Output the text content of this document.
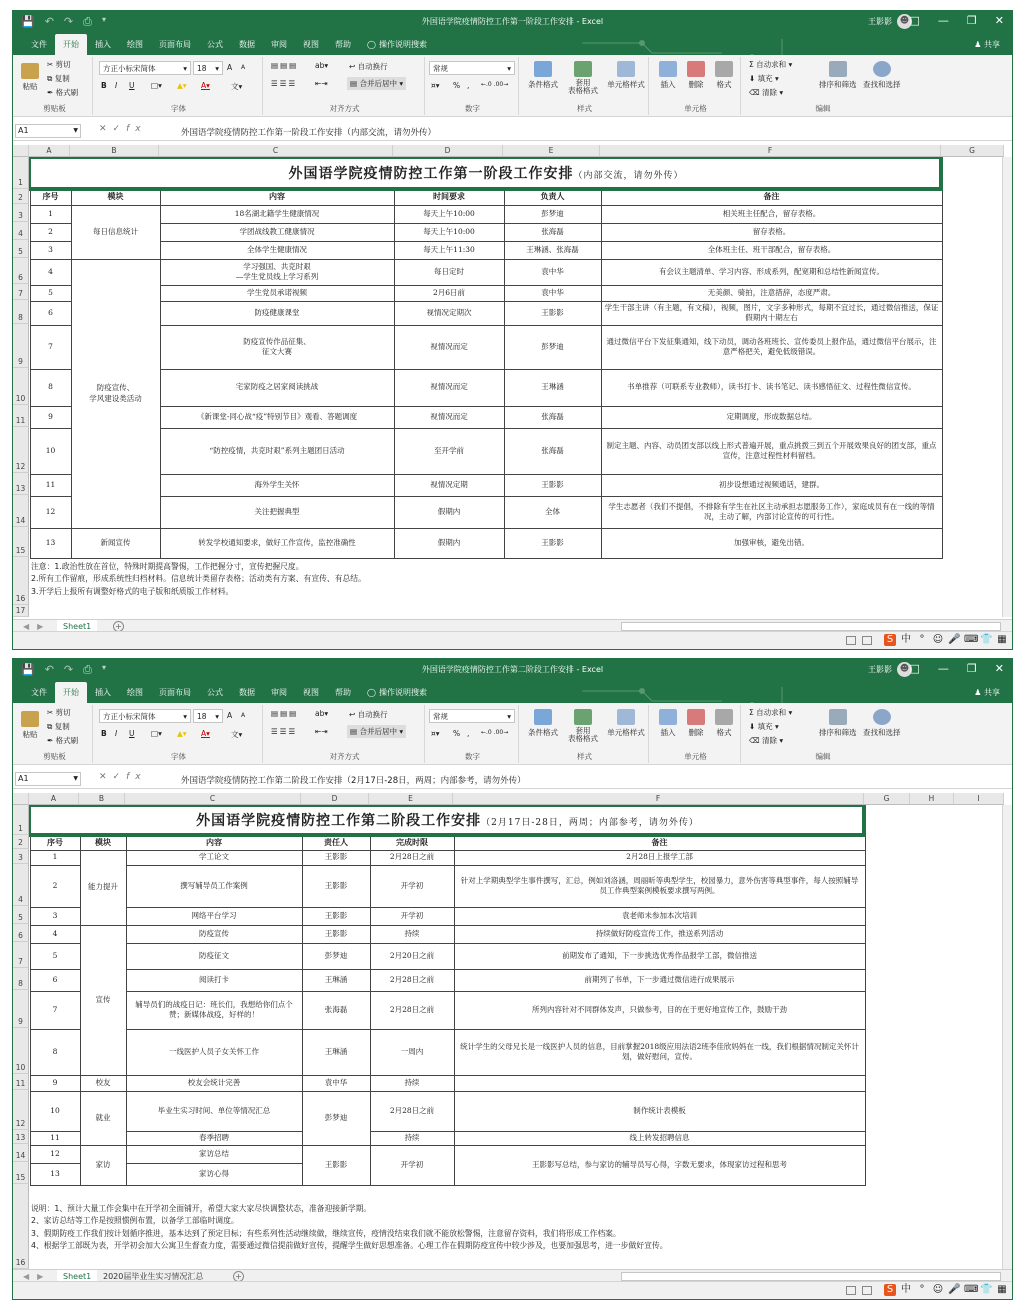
💾 ↶ ↷ ⎙ ▾	外国语学院疫情防控工作第一阶段工作安排 - Excel	王影影 ☻ □ — ❐ ✕
文件	开始	插入	绘图	页面布局	公式	数据	审阅	视图	帮助	◯ 操作说明搜索	♟ 共享
粘贴
✂ 剪切
⧉ 复制
✒ 格式刷
剪贴板
方正小标宋简体	▾	18 ▾ A A
B I U □▾ ▲▾ A▾	文▾
字体
▤▤▤ ab▾	↩ 自动换行
☰☰☰ ⇤⇥	▤ 合并后居中 ▾
对齐方式
常规	▾
¤▾ % , ←.0 .00→
数字
条件格式	套用
表格格式
单元格样式
样式
插入	删除	格式
单元格
Σ 自动求和 ▾
⬇ 填充 ▾
⌫ 清除 ▾
排序和筛选 查找和选择
编辑
A1	▼ ✕✓fx	外国语学院疫情防控工作第一阶段工作安排（内部交流，请勿外传）
A	B	C	D	E	F	G
1
2
3
4
5
6
7
8
9
10
11
12
13
14
15
16
17
外国语学院疫情防控工作第一阶段工作安排（内部交流，请勿外传）					
序号	模块	内容	时间要求	负责人	备注
1	每日信息统计	18名湖北籍学生健康情况	每天上午10:00	彭梦迪	相关班主任配合，留存表格。
2		学团战线教工健康情况	每天上午10:00	张海磊	留存表格。
3		全体学生健康情况	每天上午11:30	王琳涵、张海磊	全体班主任、班干部配合，留存表格。
4	防疫宣传、
学风建设类活动	学习强国、共克时艰
—学生党员线上学习系列	每日定时	袁中华	有会议主题清单、学习内容、形成系列，配宽期和总结性新闻宣传。
5		学生党员承诺视频	2月6日前	袁中华	无美颜、骑拍，注意措辞，态度严肃。
6		防疫健康课堂	视情况定期次	王影影	学生干部主讲（有主题，有文稿），视频，图片，文字多种形式，每期不宜过长，通过微信推送，保证假期内十期左右
7		防疫宣传作品征集、
征文大赛	视情况而定	彭梦迪	通过微信平台下发征集通知，线下动员，调动各班班长、宣传委员上报作品，通过微信平台展示，注意严格把关，避免低级错误。
8		宅家防疫之居家阅读挑战	视情况而定	王琳涵	书单推荐（可联系专业教师），读书打卡、读书笔记、读书感悟征文、过程性微信宣传。
9		《新课堂-同心战“疫”特别节目》观看、答题调度	视情况而定	张海磊	定期调度，形成数据总结。
10		“防控疫情，共克时艰”系列主题团日活动	至开学前	张海磊	制定主题、内容、动员团支部以线上形式普遍开展，重点挑拨三到五个开展效果良好的团支部，重点宣传，注意过程性材料留档。
11		海外学生关怀	视情况定期	王影影	初步设想通过视频通话，建群。
12		关注把握典型	假期内	全体	学生志愿者（我们不提倡，不排除有学生在社区主动承担志愿服务工作），家庭成员有在一线的等情况，主动了解，内部讨论宣传的可行性。
13	新闻宣传	转发学校通知要求，做好工作宣传，监控准确性	假期内	王影影	加强审核，避免出错。
注意：1.政治性放在首位，特殊时期提高警惕，工作把握分寸，宣传把握尺度。
2.所有工作留痕，形成系统性归档材料。信息统计类留存表格；活动类有方案、有宣传、有总结。
3.开学后上报所有调整好格式的电子版和纸质版工作材料。
◀▶	Sheet1	+
S 中 ° ☺ 🎤 ⌨ 👕 ▦
💾 ↶ ↷ ⎙ ▾	外国语学院疫情防控工作第二阶段工作安排 - Excel	王影影 ☻ □ — ❐ ✕
文件	开始	插入	绘图	页面布局	公式	数据	审阅	视图	帮助	◯ 操作说明搜索	♟ 共享
粘贴
✂ 剪切
⧉ 复制
✒ 格式刷
剪贴板
方正小标宋简体	▾	18 ▾ A A
B I U □▾ ▲▾ A▾	文▾
字体
▤▤▤ ab▾	↩ 自动换行
☰☰☰ ⇤⇥	▤ 合并后居中 ▾
对齐方式
常规	▾
¤▾ % , ←.0 .00→
数字
条件格式	套用
表格格式
单元格样式
样式
插入	删除	格式
单元格
Σ 自动求和 ▾
⬇ 填充 ▾
⌫ 清除 ▾
排序和筛选 查找和选择
编辑
A1	▼ ✕✓fx	外国语学院疫情防控工作第二阶段工作安排（2月17日-28日，两周；内部参考，请勿外传）
A	B	C	D	E	F	G	H	I
1
2
3
4
5
6
7
8
9
10
11
12
13
14
15
16
外国语学院疫情防控工作第二阶段工作安排（2月17日-28日，两周；内部参考，请勿外传）					
序号	模块	内容	责任人	完成时限	备注
1	能力提升	学工论文	王影影	2月28日之前	2月28日上报学工部
2		撰写辅导员工作案例	王影影	开学初	针对上学期典型学生事件撰写，汇总，例如刘洛涵，周丽昕等典型学生，校园暴力，意外伤害等典型事件，每人按照辅导员工作典型案例模板要求撰写两例。
3		网络平台学习	王影影	开学初	袁老师未参加本次培训
4	宣传	防疫宣传	王影影	持续	持续做好防疫宣传工作，推送系列活动
5		防疫征文	彭梦迪	2月20日之前	前期发布了通知，下一步挑选优秀作品报学工部，微信推送
6		阅读打卡	王琳涵	2月28日之前	前期列了书单，下一步通过微信进行成果展示
7		辅导员们的战疫日记：班长们，我想给你们点个赞；新媒体战疫，好样的！	张海磊	2月28日之前	所列内容针对不同群体发声，只做参考，目的在于更好地宣传工作，鼓励干劲
8		一线医护人员子女关怀工作	王琳涵	一周内	统计学生的父母兄长是一线医护人员的信息，目前掌握2018级应用法语2班李佳欣妈妈在一线，我们根据情况制定关怀计划，做好慰问，宣传。
9	校友	校友会统计完善	袁中华	持续	
10	就业	毕业生实习时间、单位等情况汇总	彭梦迪	2月28日之前	制作统计表模板
11		春季招聘		持续	线上转发招聘信息
12	家访	家访总结	王影影	开学初	王影影写总结，参与家访的辅导员写心得，字数无要求，体现家访过程和思考
13		家访心得			
说明：1、预计大量工作会集中在开学初全面铺开，希望大家大家尽快调整状态，准备迎接新学期。
2、家访总结等工作是按照惯例布置，以备学工部临时调度。
3、假期防疫工作我们按计划循序推进，基本达到了预定目标；有些系列性活动继续做，继续宣传，疫情没结束我们就不能放松警惕，注意留存资料，我们将形成工作档案。
4、根据学工部既为表，开学初会加大公寓卫生督查力度，需要通过微信提前做好宣传，提醒学生做好思想准备。心理工作在假期防疫宣传中较少涉及，也要加强思考，进一步做好宣传。
◀▶	Sheet1	2020届毕业生实习情况汇总	+
S 中 ° ☺ 🎤 ⌨ 👕 ▦
